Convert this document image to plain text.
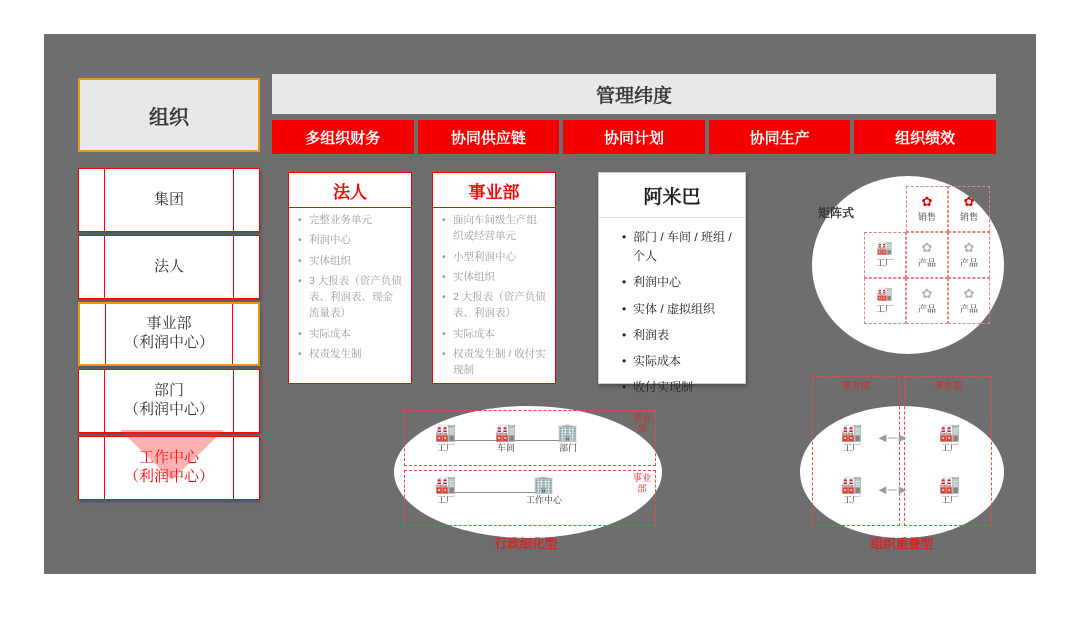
组织
集团
法人
事业部
（利润中心）
部门
（利润中心）
工作中心
（利润中心）
管理纬度
多组织财务	协同供应链	协同计划	协同生产	组织绩效
法人
• 完整业务单元
• 利润中心
• 实体组织
• 3 大报表（资产负债表、利润表、现金流量表）
• 实际成本
• 权责发生制
事业部
• 面向车间级生产组织或经营单元
• 小型利润中心
• 实体组织
• 2 大报表（资产负债表、利润表）
• 实际成本
• 权责发生制 / 收付实现制
阿米巴
• 部门 / 车间 / 班组 / 个人
• 利润中心
• 实体 / 虚拟组织
• 利润表
• 实际成本
• 收付实现制
矩阵式
✿
销售
✿
销售
🏭
工厂
✿
产品
✿
产品
🏭
工厂
✿
产品
✿
产品
🏭
工厂
🏭
车间
🏢
部门
🏭
工厂
🏢
工作中心
事业部
事业部
行政细化型
事业部	事业部
🏭
工厂
🏭
工厂
🏭
工厂
🏭
工厂
◄─►
◄─►
组织重叠型
